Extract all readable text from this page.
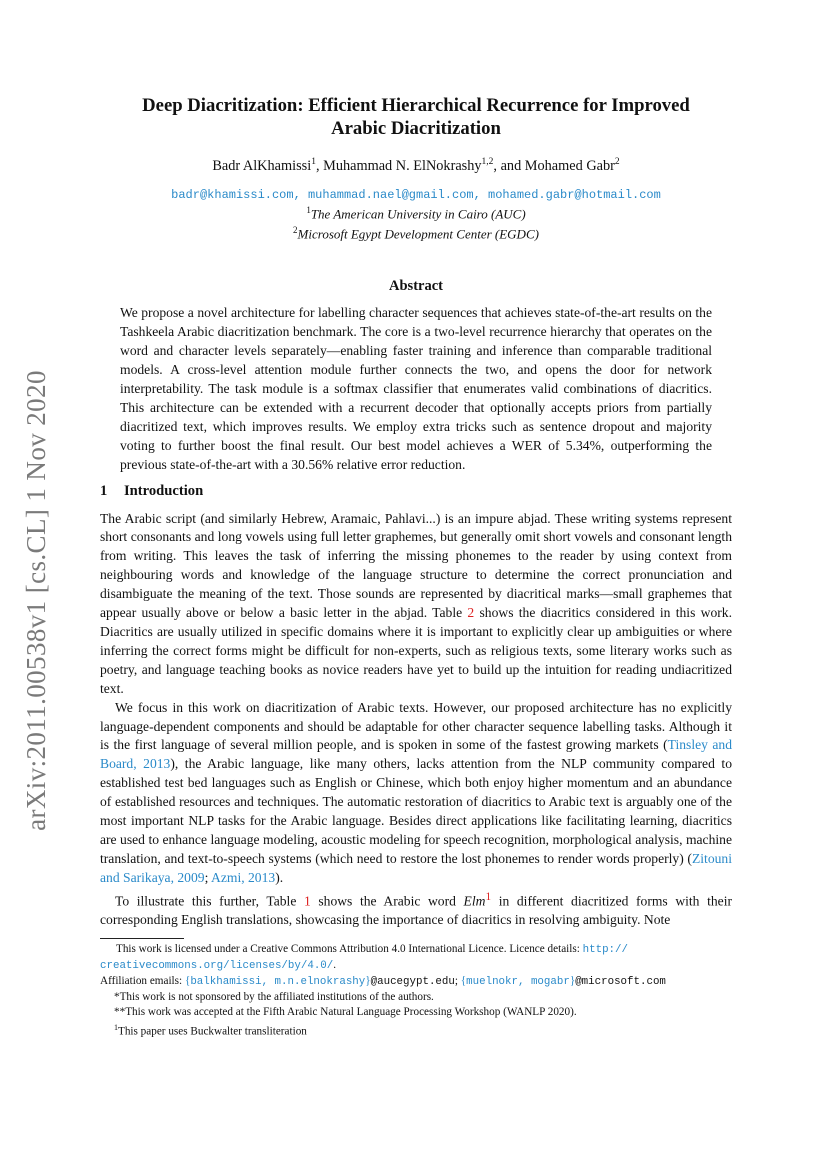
arXiv:2011.00538v1 [cs.CL] 1 Nov 2020
Deep Diacritization: Efficient Hierarchical Recurrence for Improved
Arabic Diacritization
Badr AlKhamissi$^1$, Muhammad N. ElNokrashy$^{1,2}$, and Mohamed Gabr$^2$
badr@khamissi.com, muhammad.nael@gmail.com, mohamed.gabr@hotmail.com
$^1$The American University in Cairo (AUC)
$^2$Microsoft Egypt Development Center (EGDC)
Abstract

We propose a novel architecture for labelling character sequences that achieves state-of-the-art results on the Tashkeela Arabic diacritization benchmark. The core is a two-level recurrence hierarchy that operates on the word and character levels separately—enabling faster training and inference than comparable traditional models. A cross-level attention module further connects the two, and opens the door for network interpretability. The task module is a softmax classifier that enumerates valid combinations of diacritics. This architecture can be extended with a recurrent decoder that optionally accepts priors from partially diacritized text, which improves results. We employ extra tricks such as sentence dropout and majority voting to further boost the final result. Our best model achieves a WER of 5.34%, outperforming the previous state-of-the-art with a 30.56% relative error reduction.

1 Introduction

The Arabic script (and similarly Hebrew, Aramaic, Pahlavi...) is an impure abjad. These writing systems represent short consonants and long vowels using full letter graphemes, but generally omit short vowels and consonant length from writing. This leaves the task of inferring the missing phonemes to the reader by using context from neighbouring words and knowledge of the language structure to determine the correct pronunciation and disambiguate the meaning of the text. Those sounds are represented by diacritical marks—small graphemes that appear usually above or below a basic letter in the abjad. Table 2 shows the diacritics considered in this work. Diacritics are usually utilized in specific domains where it is important to explicitly clear up ambiguities or where inferring the correct forms might be difficult for non-experts, such as religious texts, some literary works such as poetry, and language teaching books as novice readers have yet to build up the intuition for reading undiacritized text.

We focus in this work on diacritization of Arabic texts. However, our proposed architecture has no explicitly language-dependent components and should be adaptable for other character sequence labelling tasks. Although it is the first language of several million people, and is spoken in some of the fastest growing markets (Tinsley and Board, 2013), the Arabic language, like many others, lacks attention from the NLP community compared to established test bed languages such as English or Chinese, which both enjoy higher momentum and an abundance of established resources and techniques. The automatic restoration of diacritics to Arabic text is arguably one of the most important NLP tasks for the Arabic language. Besides direct applications like facilitating learning, diacritics are used to enhance language modeling, acoustic modeling for speech recognition, morphological analysis, machine translation, and text-to-speech systems (which need to restore the lost phonemes to render words properly) (Zitouni and Sarikaya, 2009; Azmi, 2013).

To illustrate this further, Table 1 shows the Arabic word Elm$^1$ in different diacritized forms with their corresponding English translations, showcasing the importance of diacritics in resolving ambiguity. Note

This work is licensed under a Creative Commons Attribution 4.0 International Licence. Licence details: http://
creativecommons.org/licenses/by/4.0/.
Affiliation emails: {balkhamissi, m.n.elnokrashy}@aucegypt.edu; {muelnokr, mogabr}@microsoft.com
*This work is not sponsored by the affiliated institutions of the authors.
**This work was accepted at the Fifth Arabic Natural Language Processing Workshop (WANLP 2020).
$^1$This paper uses Buckwalter transliteration
